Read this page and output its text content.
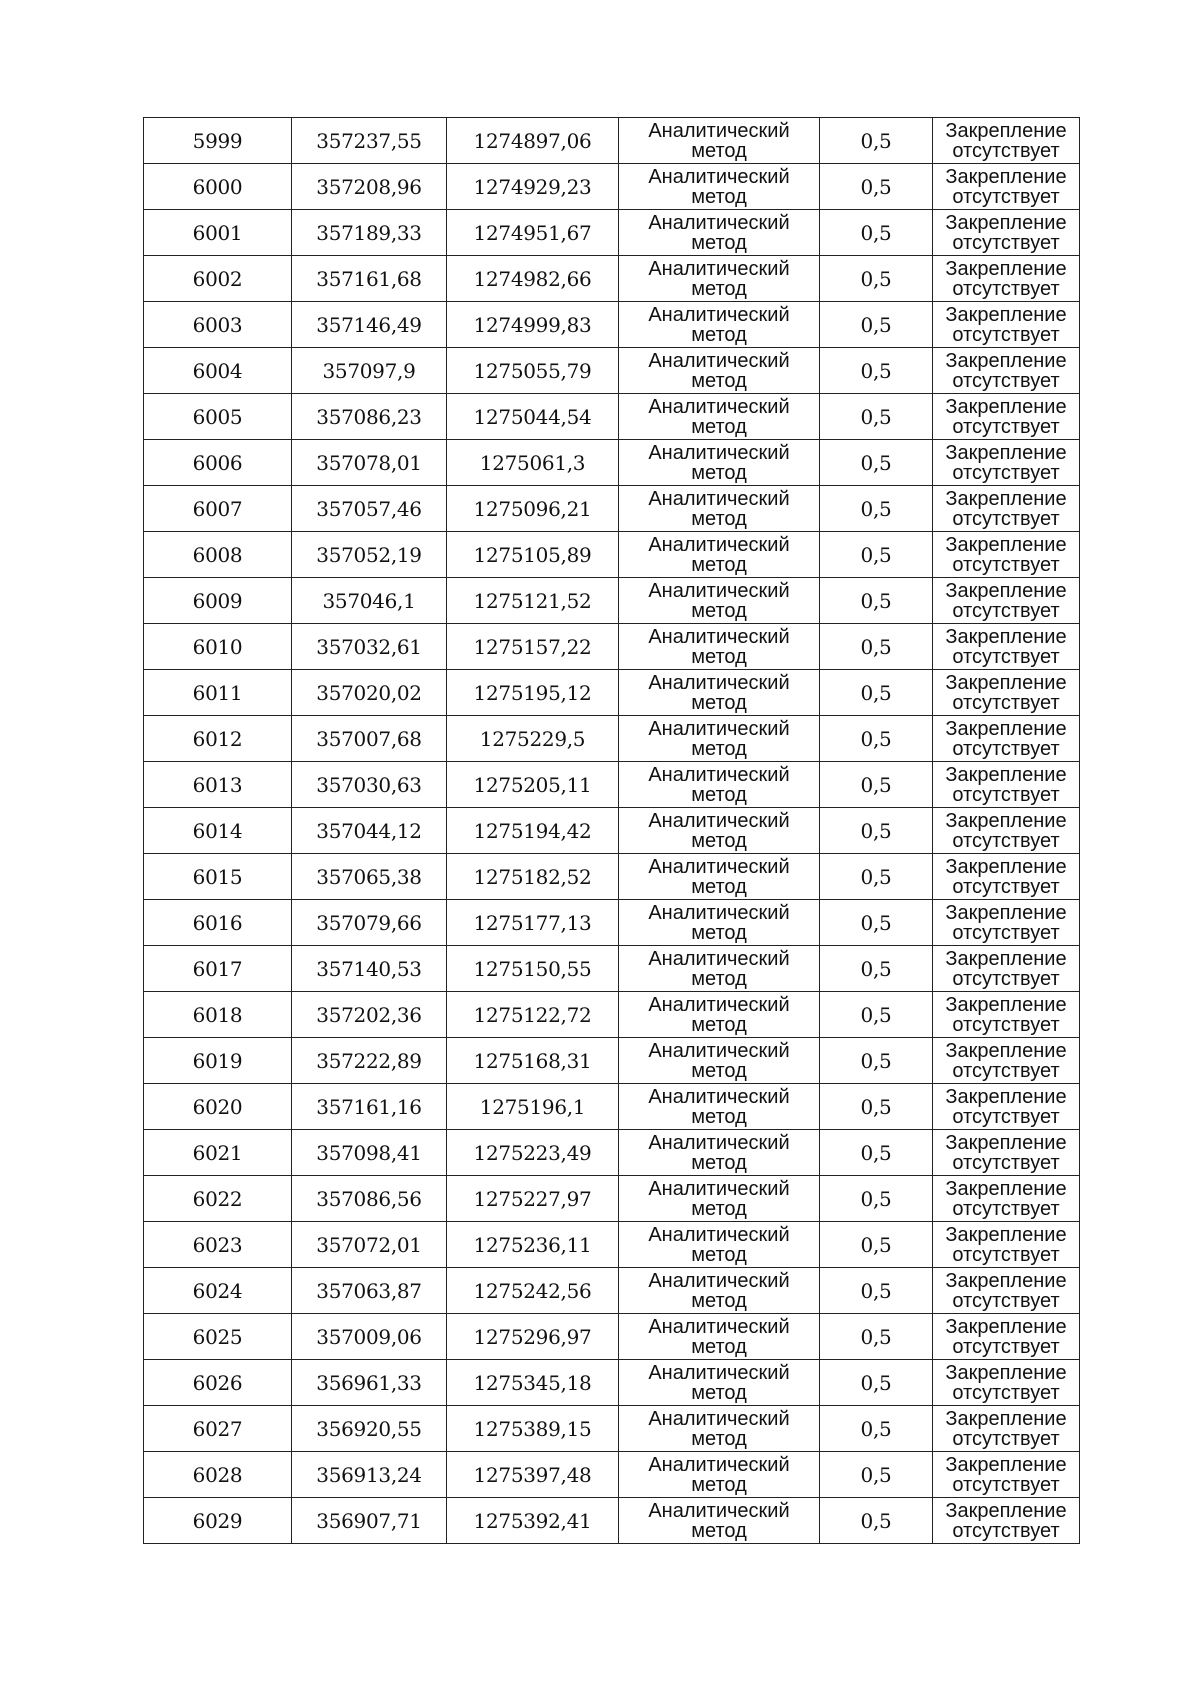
5999	357237,55	1274897,06	Аналитический
метод	0,5	Закрепление
отсутствует

6000	357208,96	1274929,23	Аналитический
метод	0,5	Закрепление
отсутствует

6001	357189,33	1274951,67	Аналитический
метод	0,5	Закрепление
отсутствует

6002	357161,68	1274982,66	Аналитический
метод	0,5	Закрепление
отсутствует

6003	357146,49	1274999,83	Аналитический
метод	0,5	Закрепление
отсутствует

6004	357097,9	1275055,79	Аналитический
метод	0,5	Закрепление
отсутствует

6005	357086,23	1275044,54	Аналитический
метод	0,5	Закрепление
отсутствует

6006	357078,01	1275061,3	Аналитический
метод	0,5	Закрепление
отсутствует

6007	357057,46	1275096,21	Аналитический
метод	0,5	Закрепление
отсутствует

6008	357052,19	1275105,89	Аналитический
метод	0,5	Закрепление
отсутствует

6009	357046,1	1275121,52	Аналитический
метод	0,5	Закрепление
отсутствует

6010	357032,61	1275157,22	Аналитический
метод	0,5	Закрепление
отсутствует

6011	357020,02	1275195,12	Аналитический
метод	0,5	Закрепление
отсутствует

6012	357007,68	1275229,5	Аналитический
метод	0,5	Закрепление
отсутствует

6013	357030,63	1275205,11	Аналитический
метод	0,5	Закрепление
отсутствует

6014	357044,12	1275194,42	Аналитический
метод	0,5	Закрепление
отсутствует

6015	357065,38	1275182,52	Аналитический
метод	0,5	Закрепление
отсутствует

6016	357079,66	1275177,13	Аналитический
метод	0,5	Закрепление
отсутствует

6017	357140,53	1275150,55	Аналитический
метод	0,5	Закрепление
отсутствует

6018	357202,36	1275122,72	Аналитический
метод	0,5	Закрепление
отсутствует

6019	357222,89	1275168,31	Аналитический
метод	0,5	Закрепление
отсутствует

6020	357161,16	1275196,1	Аналитический
метод	0,5	Закрепление
отсутствует

6021	357098,41	1275223,49	Аналитический
метод	0,5	Закрепление
отсутствует

6022	357086,56	1275227,97	Аналитический
метод	0,5	Закрепление
отсутствует

6023	357072,01	1275236,11	Аналитический
метод	0,5	Закрепление
отсутствует

6024	357063,87	1275242,56	Аналитический
метод	0,5	Закрепление
отсутствует

6025	357009,06	1275296,97	Аналитический
метод	0,5	Закрепление
отсутствует

6026	356961,33	1275345,18	Аналитический
метод	0,5	Закрепление
отсутствует

6027	356920,55	1275389,15	Аналитический
метод	0,5	Закрепление
отсутствует

6028	356913,24	1275397,48	Аналитический
метод	0,5	Закрепление
отсутствует

6029	356907,71	1275392,41	Аналитический
метод	0,5	Закрепление
отсутствует
